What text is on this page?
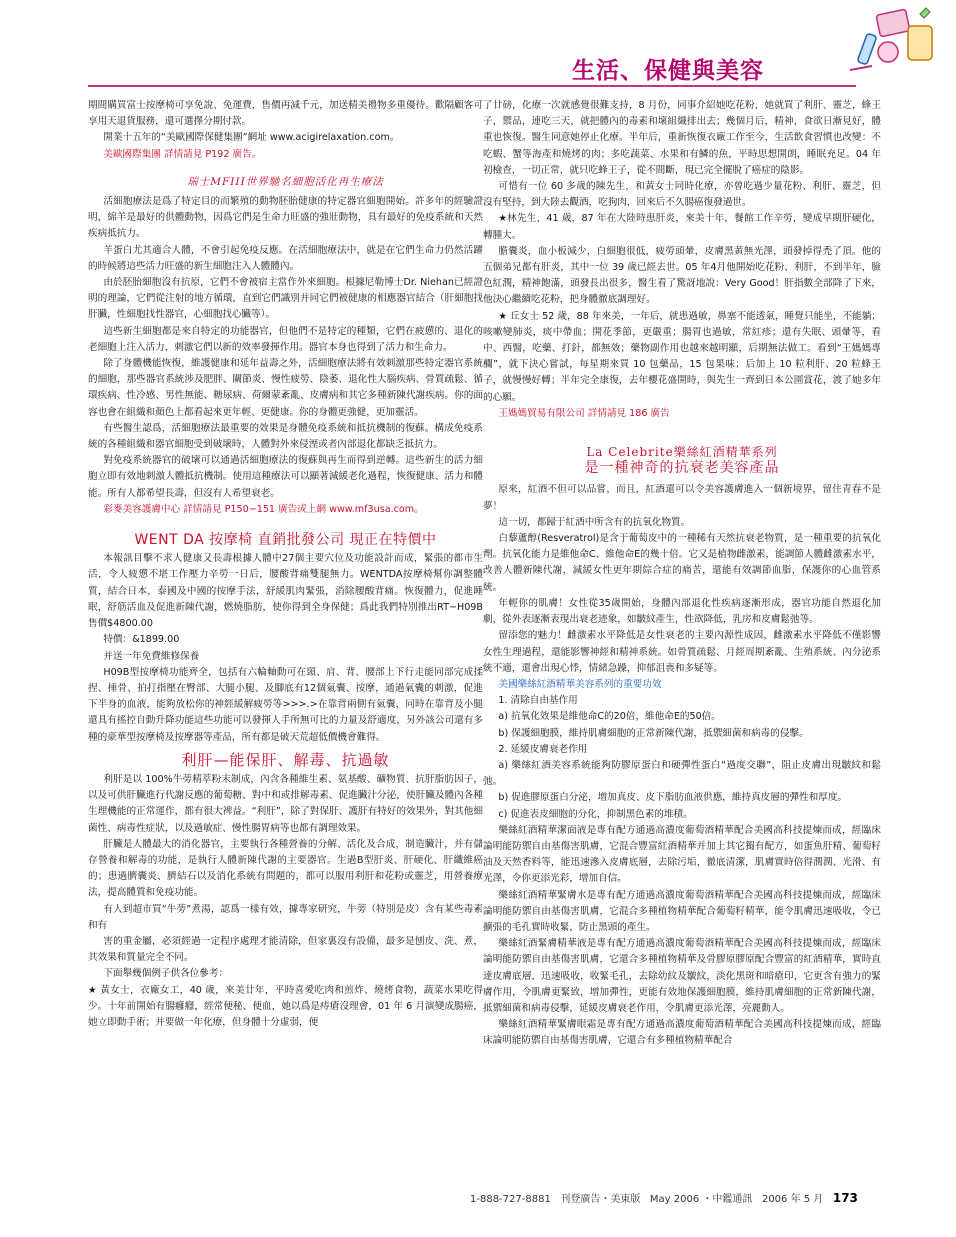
生活、保健與美容

期間購買富士按摩椅可享免說、免運費，售價再減千元，加送精美禮物多重優待。歡隔顧客可享用天退貨服務，還可選擇分期付款。

開業十五年的“美歐國際保健集團”網址 www.acigirelaxation.com。

美歐國際集團 詳情請見 P192 廣告。

瑞士MFIII世界馳名細胞活化再生療法

活細胞療法是爲了特定目的而繁殖的動物胚胎健康的特定器官細胞開始。許多年的經驗證明，綿羊是最好的供體動物，因爲它們是生命力旺盛的強壯動物，具有最好的免疫系統和天然疾病抵抗力。

羊蛋白尤其適合人體，不會引起免疫反應。在活細胞療法中，就是在它們生命力仍然活躍的時候將這些活力旺盛的新生細胞注入人體體內。

由於胚胎細胞沒有抗原，它們不會被宿主當作外來細胞。根據尼勒博士Dr. Niehan已經證明的理論，它們從注射的地方循環，直到它們識別并同它們被健康的相應器官結合（肝細胞找肝臟，性細胞找性器官，心細胞找心臟等）。

這些新生細胞都是來自特定的功能器官，但他們不是特定的種類，它們在疲憊的、退化的老細胞上注入活力，刺激它們以新的效率發揮作用。器官本身也得到了活力和生命力。

除了身體機能恢復，維護健康和延年益壽之外，活細胞療法將有效刺激那些特定器官系統的細胞，那些器官系統涉及肥胖、關節炎、慢性疲勞、陰萎、退化性大腦疾病、骨質疏鬆、循環疾病、性冷感、男性無能、糖尿病、荷爾蒙紊亂、皮膚病和其它多種新陳代謝疾病。你的面容也會在組織和顏色上都看起來更年輕、更健康。你的身體更強健，更加靈活。

有些醫生認爲，活細胞療法最重要的效果是身體免疫系統和抵抗機制的復蘇。構成免疫系統的各種組織和器官細胞受到破壞時，人體對外來侵溼或者內部退化都缺乏抵抗力。

對免疫系統器官的破壞可以通過活細胞療法的復蘇與再生而得到逆轉。這些新生的活力細胞立即有效地刺激人體抵抗機制。使用這種療法可以顯著減緩老化過程，恢復健康、活力和體能。所有人都希望長壽，但沒有人希望衰老。

彩麥美容護膚中心 詳情請見 P150−151 廣告或上網 www.mf3usa.com。

WENT DA 按摩椅 直銷批發公司 現正在特價中

本報訊目擊不求人健康又長壽根據人體中27個主要穴位及功能設計而成，緊張的都市生活，令人疲憊不堪工作壓力辛勞一日后，腰酸背痛雙腿無力。WENTDA按摩椅幫你調整體質，結合日本，泰國及中國的按摩手法，舒緩肌肉緊張，消除腰酸背痛。恢復體力，促進睡眠，舒筋活血及促進新陳代謝，燃燒脂肪，使你得到全身保健；爲此我們特別推出RT−H09B 售價$4800.00

特價：&1899.00

并送一年免費維修保養

H09B型按摩椅功能齊全，包括有六輪軸動可在頸、肩、背、腰部上下行走能同部完成揉捏、捶骨、拍打指壓在臀部、大腿小腿、及腳底有12個氣囊、按摩，通過氣囊的刺激，促進下半身的血液，能夠放松你的神經緩解疲勞等>>>.>在靠背兩側有氣囊，同時在靠背及小腿還具有搖控自動升降功能這些功能可以發揮人手所無可比的力量及舒適度，另外該公司還有多種的豪華型按摩椅及按摩器等產品，所有都是破天荒超低價機會難得。

利肝—能保肝、解毒、抗過敏

利肝是以 100%牛蒡精萃粉末制成，內含各種維生素、氨基酸、礦物質、抗肝脂肪因子，以及可供肝臟進行代謝反應的葡萄糖、對中和或排解毒素、促進臟汁分泌，使肝臟及體內各種生理機能的正常運作，都有很大裨益。“利肝”，除了對保肝、護肝有特好的效果外，對其他細菌性、病毒性症狀，以及過敏症、慢性腸胃病等也都有調理效果。

肝臟是人體最大的消化器官，主要執行各種營養的分解、活化及合成，制造臟汁，并有儲存營養和解毒的功能，是執行人體新陳代謝的主要器官。生過B型肝炎、肝硬化、肝纖維癌的；患過臍囊炎、臍結石以及消化系統有問題的，都可以服用利肝和花粉或靈芝，用營養療法，提高體質和免疫功能。

有人到超市買“牛蒡”煮湯，認爲一樣有效，據專家研究，牛蒡（特別是皮）含有某些毒素和有

害的重金屬，必須經過一定程序處理才能清除，但家裏沒有設備，最多是刨皮、洗、煮，其效果和質量完全不同。

下面舉幾個例子供各位參考：

★ 黃女士，衣廠女工，40 歲，來美廿年，平時喜愛吃肉和煎炸、燒烤食物，蔬菜水果吃得少。十年前開始有腸癰癮，經常便秘、便血，她以爲是痔瘡沒理會，01 年 6 月演變成腸癌，她立即動手術；并要做一年化療，但身體十分虛弱，便

了廿磅，化療一次就感覺很難支持，8 月份，同事介紹她吃花粉，她就買了利肝、靈芝，蜂王子，禦品，連吃三天，就把體內的毒素和壞組織排出去；幾個月后，精神，食欲日漸見好，體重也恢復。醫生同意她停止化療。半年后，重新恢復衣廠工作至今，生活飲食習慣也改變：不吃蝦、蟹等海產和燒烤的肉；多吃蔬菜、水果和有鱗的魚，平時思想開朗，睡眠充足。04 年初檢查，一切正常，就只吃蜂王子，從不間斷，現已完全擺脫了癌症的陰影。

可惜有一位 60 多歲的陳先生，和黃女士同時化療，亦曾吃過少量花粉、利肝、靈芝，但沒有堅持，到大陸去觀酒，吃狗肉，回來后不久腸癌復發過世。

★林先生，41 歲，87 年在大陸時患肝炎，來美十年，餐館工作辛勞，變成早期肝硬化，轉腫大。

膽囊炎，血小板減少，白細胞很低，疲勞頭暈，皮膚黑黃無光澤，頭發掉得禿了頂。他的五個弟兄都有肝炎，其中一位 39 歲已經去世。05 年4月他開始吃花粉、利肝，不到半年，臉色紅潤，精神飽滿，頭發長出很多，醫生看了驚訝地說：Very Good！肝指數全部降了下來，他決心繼續吃花粉，把身體徹底調理好。

★ 丘女士 52 歲，88 年來美，一年后，就患過敏，鼻塞不能透氣，睡覺只能坐，不能躺；咳嗽變肺炎，痰中帶血；開花季節，更嚴重；腸胃也過敏，常紅疹；還有失眠、頭暈等，看中、西醫，吃藥、打針，都無效；藥物副作用也越來越明顯，后期無法做工。看到“王媽媽專欄”，就下決心嘗試，每星期來買 10 包藥品，15 包果味；后加上 10 粒利肝、20 粒蜂王子，就慢慢好轉；半年完全康復，去年櫻花盛開時，與先生一齊到日本公園賞花，渡了她多年的心願。

王媽媽貿易有限公司 詳情請見 186 廣告

La Celebrite樂絲紅酒精華系列
是一種神奇的抗衰老美容產品

原來，紅酒不但可以品嘗，而且，紅酒還可以令美容護膚進入一個新境界，留住青春不是夢！

這一切，都歸于紅酒中所含有的抗氧化物質。

白藜蘆醇(Resveratrol)是含于葡萄皮中的一種稀有天然抗衰老物質，是一種重要的抗氧化劑。抗氧化能力是維他命C、維他命E的幾十倍。它又是植物雌激素，能調節人體雌激素水平，改善人體新陳代謝，減緩女性更年期綜合症的痛苦，還能有效調節血脂，保護你的心血管系統。

年輕你的肌膚！女性從35歲開始，身體內部退化性疾病逐漸形成，器官功能自然退化加劇，從外表逐漸表現出衰老迹象，如皺紋產生，性欲降低，乳房和皮膚鬆弛等。

留添您的魅力！雌激素水平降低是女性衰老的主要內源性成因，雌激素水平降低不僅影響女性生理過程，還能影響神經和精神系統。如骨質疏鬆、月經周期紊亂、生殖系統、內分泌系統不適，還會出現心悸，情緒急躁，抑郁沮喪和多疑等。

美國樂絲紅酒精華美容系列的重要功效

1. 清除自由基作用

a) 抗氧化效果是維他命C的20倍，維他命E的50倍。

b) 保護細胞膜，維持肌膚細胞的正常新陳代謝，抵禦細菌和病毒的侵擊。

2. 延緩皮膚衰老作用

a) 樂絲紅酒美容系統能夠防膠原蛋白和硬彈性蛋白“過度交聯”，阻止皮膚出現皺紋和鬆弛。

b) 促進膠原蛋白分泌，增加真皮、皮下脂肪血液供應，維持真皮層的彈性和厚度。

c) 促進表皮細胞的分化，抑制黑色素的堆積。

樂絲紅酒精華潔面液是專有配方通過高濃度葡萄酒精華配合美國高科技提煉而成，經臨床論明能防禦自由基傷害肌膚，它混合豐富紅酒精華并加上其它獨有配方，如蛋魚肝精、葡萄籽油及天然香料等，能迅速滲入皮膚底層，去除污垢，徹底清潔，肌膚實時倍得潤潤、光滑、有光澤，令你更添光彩，增加自信。

樂絲紅酒精華緊膚水是專有配方通過高濃度葡萄酒精華配合美國高科技提煉而成，經臨床論明能防禦自由基傷害肌膚，它混合多種植物精華配合葡萄籽精華，能令肌膚迅速吸收，令已擴張的毛孔實時收緊，防止黑頭的產生。

樂絲紅酒緊膚精華液是專有配方通過高濃度葡萄酒精華配合美國高科技提煉而成，經臨床論明能防禦自由基傷害肌膚，它還合多種植物精華及骨膠原膠原配合豐富的紅酒精華，實時直達皮膚底層，迅速吸收，收緊毛孔，去除幼紋及皺紋，淡化黑斑和暗瘡印，它更含有強力的緊膚作用，令肌膚更緊致，增加彈性，更能有效地保護細胞膜，維持肌膚細胞的正常新陳代謝，抵禦細菌和病毒侵擊，延緩皮膚衰老作用，令肌膚更添光澤，亮麗動人。

樂絲紅酒精華緊膚眼霜是專有配方通過高濃度葡萄酒精華配合美國高科技提煉而成，經臨床論明能防禦自由基傷害肌膚，它還合有多種植物精華配合

1-888-727-8881 刊登廣告・美東版 May 2006 ・中鑑通訊 2006 年 5 月 173
